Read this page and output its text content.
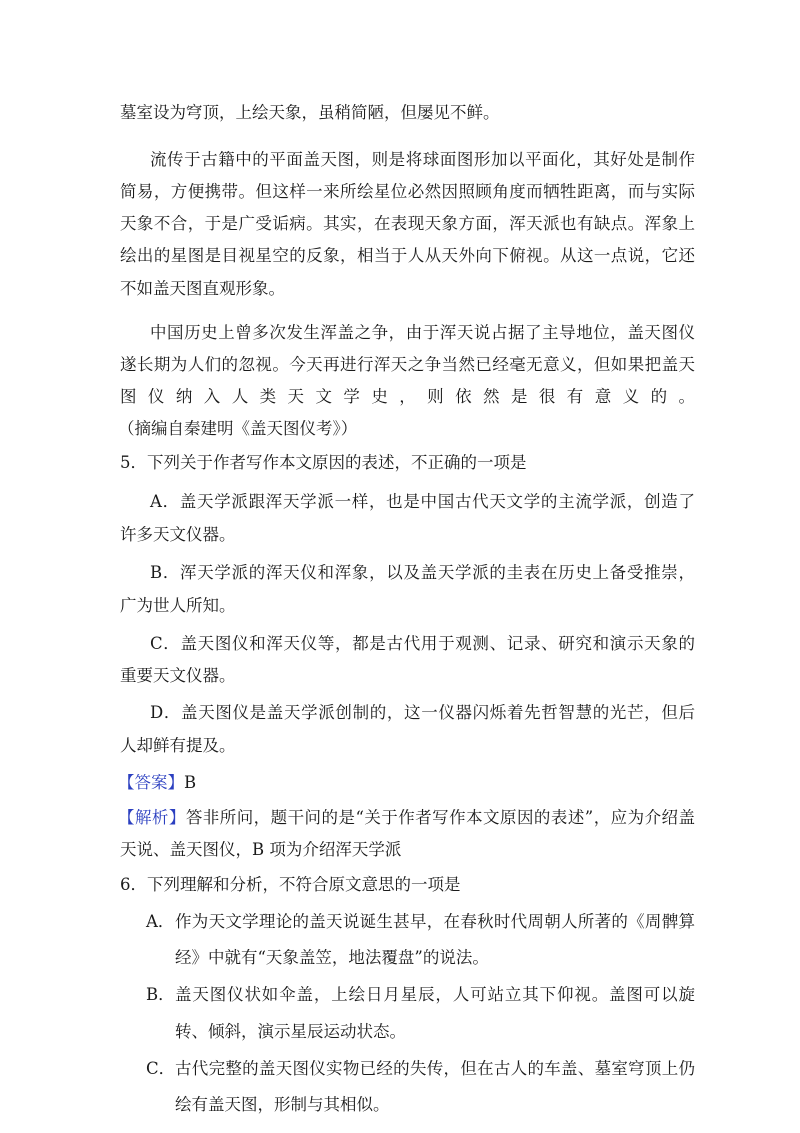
墓室设为穹顶，上绘天象，虽稍简陋，但屡见不鲜。
流传于古籍中的平面盖天图，则是将球面图形加以平面化，其好处是制作
简易，方便携带。但这样一来所绘星位必然因照顾角度而牺牲距离，而与实际
天象不合，于是广受诟病。其实，在表现天象方面，浑天派也有缺点。浑象上
绘出的星图是目视星空的反象，相当于人从天外向下俯视。从这一点说，它还
不如盖天图直观形象。
中国历史上曾多次发生浑盖之争，由于浑天说占据了主导地位，盖天图仪
遂长期为人们的忽视。今天再进行浑天之争当然已经毫无意义，但如果把盖天
图仪纳入人类天文学史，则依然是很有意义的。
（摘编自秦建明《盖天图仪考》）
5．下列关于作者写作本文原因的表述，不正确的一项是
A．盖天学派跟浑天学派一样，也是中国古代天文学的主流学派，创造了
许多天文仪器。
B．浑天学派的浑天仪和浑象，以及盖天学派的圭表在历史上备受推崇，
广为世人所知。
C．盖天图仪和浑天仪等，都是古代用于观测、记录、研究和演示天象的
重要天文仪器。
D．盖天图仪是盖天学派创制的，这一仪器闪烁着先哲智慧的光芒，但后
人却鲜有提及。
【答案】B
【解析】答非所问，题干问的是“关于作者写作本文原因的表述”，应为介绍盖
天说、盖天图仪，B 项为介绍浑天学派
6．下列理解和分析，不符合原文意思的一项是
A． 作为天文学理论的盖天说诞生甚早，在春秋时代周朝人所著的《周髀算
经》中就有“天象盖笠，地法覆盘”的说法。
B． 盖天图仪状如伞盖，上绘日月星辰，人可站立其下仰视。盖图可以旋
转、倾斜，演示星辰运动状态。
C． 古代完整的盖天图仪实物已经的失传，但在古人的车盖、墓室穹顶上仍
绘有盖天图，形制与其相似。
